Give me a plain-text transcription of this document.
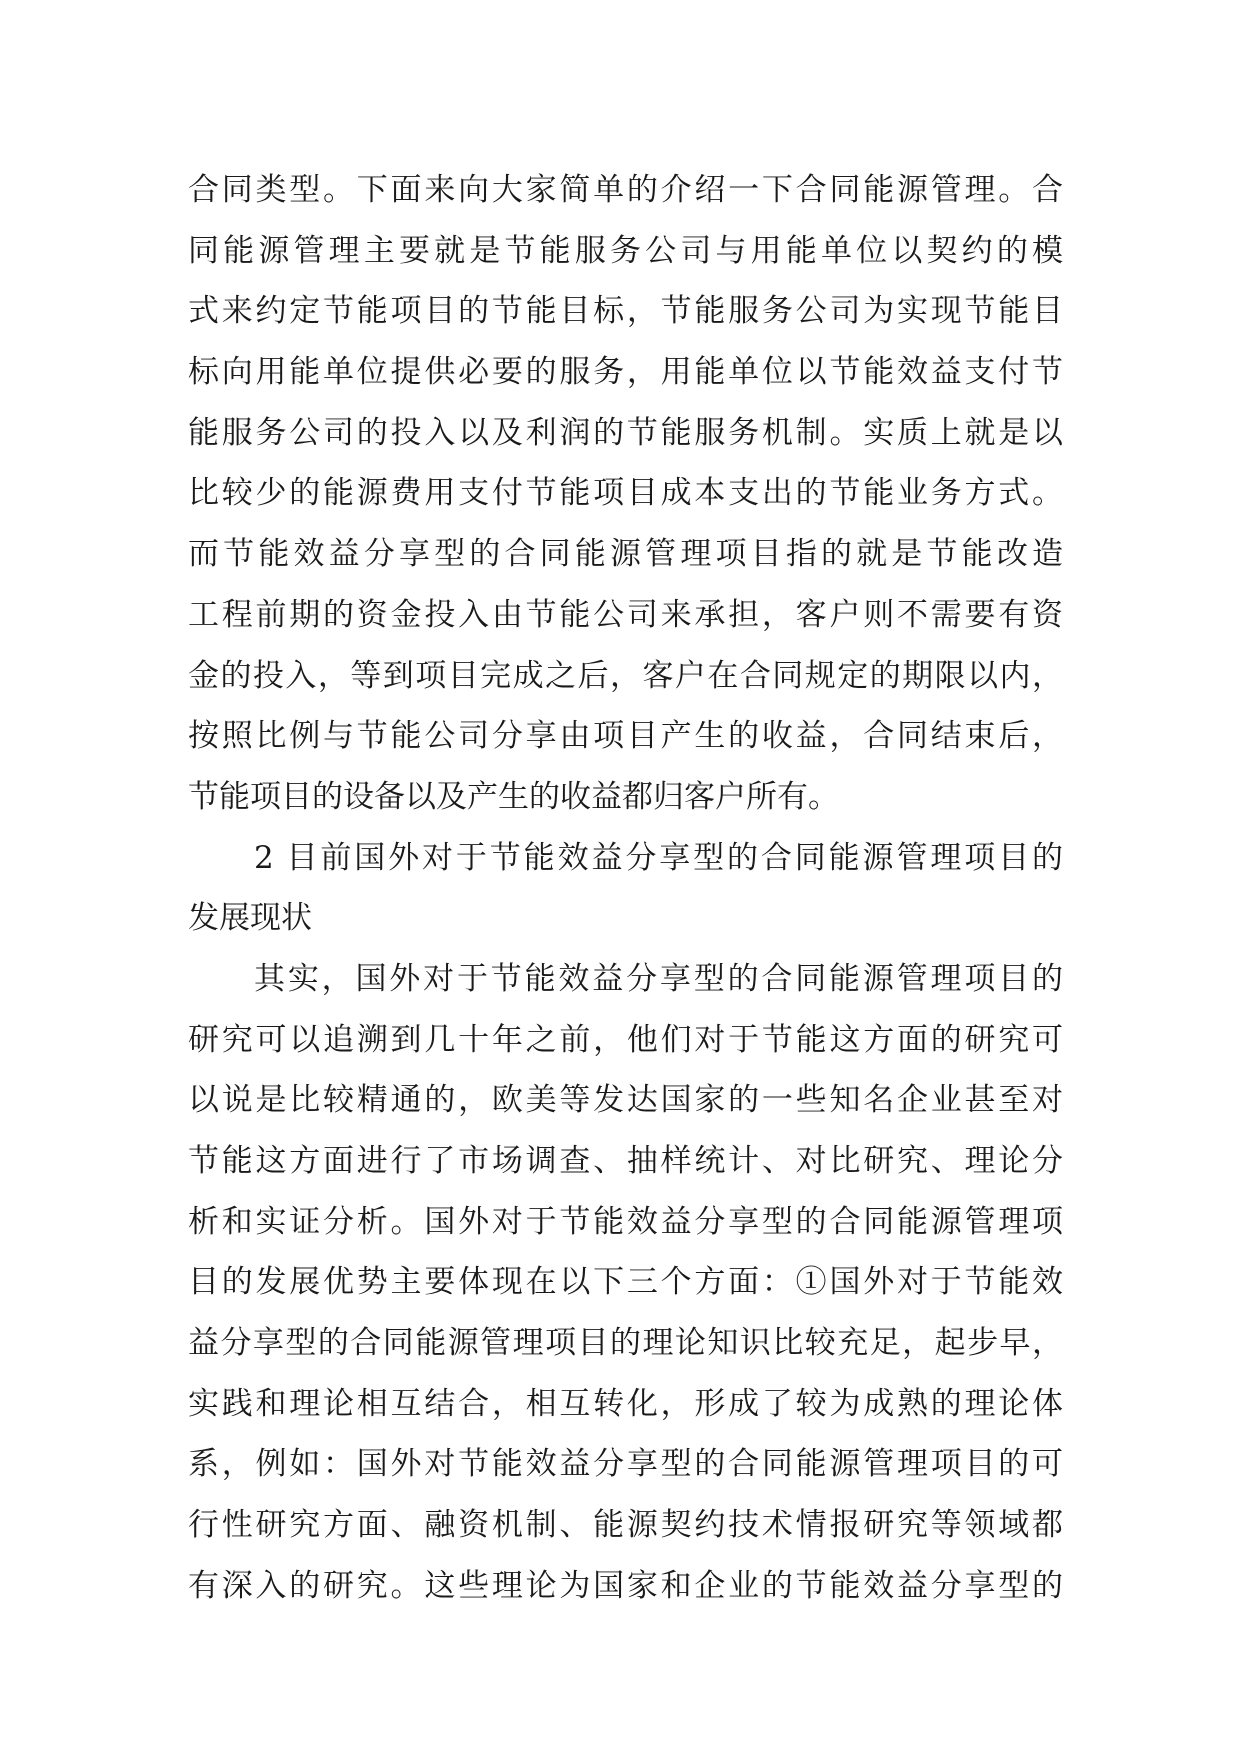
合同类型。下面来向大家简单的介绍一下合同能源管理。合
同能源管理主要就是节能服务公司与用能单位以契约的模
式来约定节能项目的节能目标，节能服务公司为实现节能目
标向用能单位提供必要的服务，用能单位以节能效益支付节
能服务公司的投入以及利润的节能服务机制。实质上就是以
比较少的能源费用支付节能项目成本支出的节能业务方式。
而节能效益分享型的合同能源管理项目指的就是节能改造
工程前期的资金投入由节能公司来承担，客户则不需要有资
金的投入，等到项目完成之后，客户在合同规定的期限以内，
按照比例与节能公司分享由项目产生的收益，合同结束后，
节能项目的设备以及产生的收益都归客户所有。
2 目前国外对于节能效益分享型的合同能源管理项目的
发展现状
其实，国外对于节能效益分享型的合同能源管理项目的
研究可以追溯到几十年之前，他们对于节能这方面的研究可
以说是比较精通的，欧美等发达国家的一些知名企业甚至对
节能这方面进行了市场调查、抽样统计、对比研究、理论分
析和实证分析。国外对于节能效益分享型的合同能源管理项
目的发展优势主要体现在以下三个方面：①国外对于节能效
益分享型的合同能源管理项目的理论知识比较充足，起步早，
实践和理论相互结合，相互转化，形成了较为成熟的理论体
系，例如：国外对节能效益分享型的合同能源管理项目的可
行性研究方面、融资机制、能源契约技术情报研究等领域都
有深入的研究。这些理论为国家和企业的节能效益分享型的
